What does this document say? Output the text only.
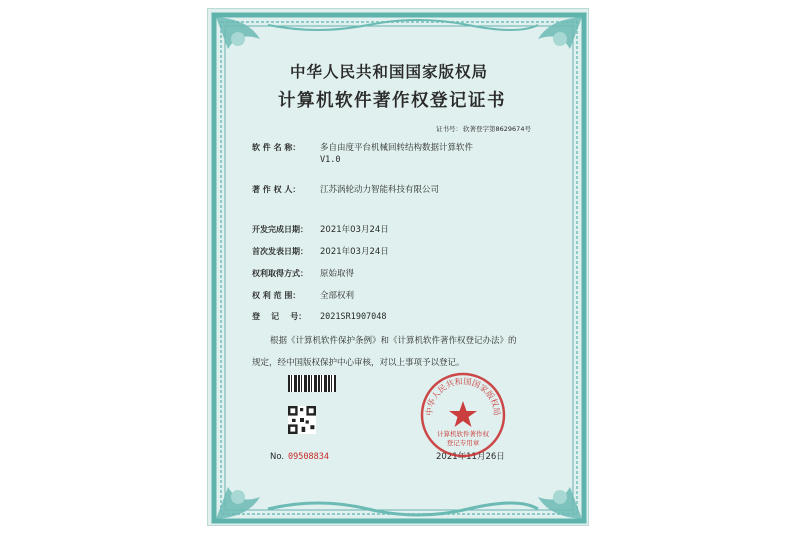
中华人民共和国国家版权局
计算机软件著作权登记证书
证书号： 软著登字第8629674号
软 件 名 称： 多自由度平台机械回转结构数据计算软件
V1.0
著 作 权 人： 江苏涡轮动力智能科技有限公司
开发完成日期： 2021年03月24日
首次发表日期： 2021年03月24日
权利取得方式： 原始取得
权 利 范 围： 全部权利
登    记    号： 2021SR1907048
根据《计算机软件保护条例》和《计算机软件著作权登记办法》的
规定，经中国版权保护中心审核，对以上事项予以登记。
No. 09508834	2021年11月26日
中华人民共和国国家版权局
计算机软件著作权
登记专用章
